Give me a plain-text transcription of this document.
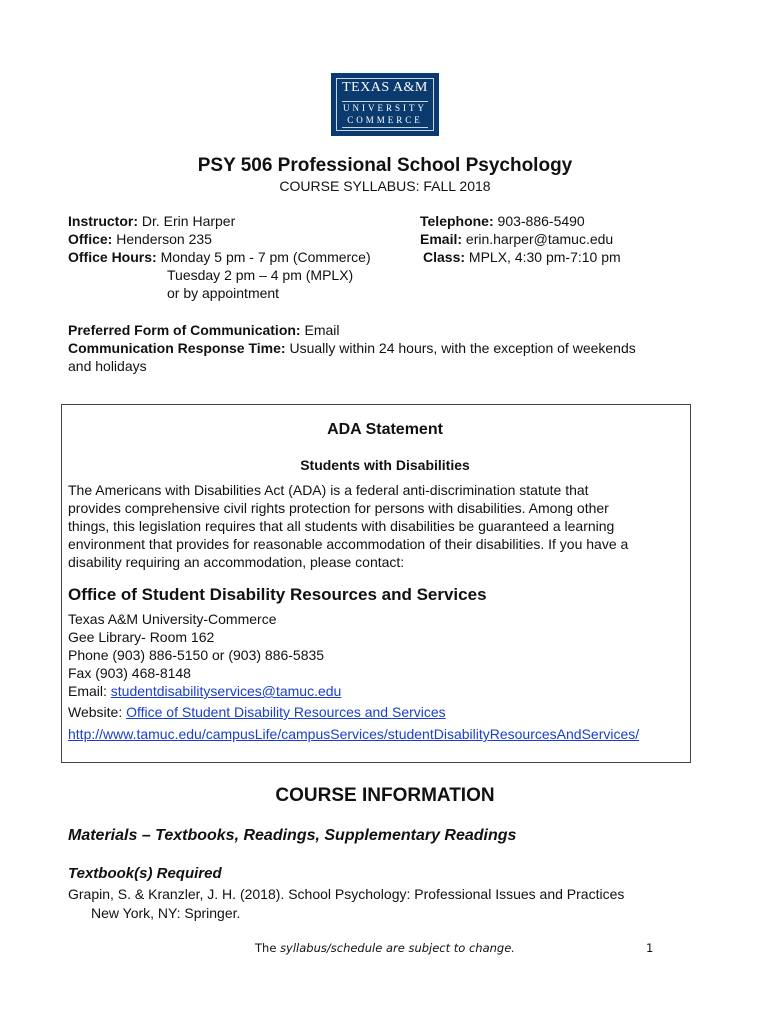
TEXAS A&M
UNIVERSITY
COMMERCE
PSY 506 Professional School Psychology
COURSE SYLLABUS: FALL 2018
Instructor: Dr. Erin Harper
Office: Henderson 235
Office Hours: Monday 5 pm - 7 pm (Commerce)
Tuesday 2 pm – 4 pm (MPLX)
or by appointment
Telephone: 903-886-5490
Email: erin.harper@tamuc.edu
Class: MPLX, 4:30 pm-7:10 pm
Preferred Form of Communication: Email
Communication Response Time: Usually within 24 hours, with the exception of weekends
and holidays
ADA Statement
Students with Disabilities
The Americans with Disabilities Act (ADA) is a federal anti-discrimination statute that
provides comprehensive civil rights protection for persons with disabilities. Among other
things, this legislation requires that all students with disabilities be guaranteed a learning
environment that provides for reasonable accommodation of their disabilities. If you have a
disability requiring an accommodation, please contact:
Office of Student Disability Resources and Services
Texas A&M University-Commerce
Gee Library- Room 162
Phone (903) 886-5150 or (903) 886-5835
Fax (903) 468-8148
Email: studentdisabilityservices@tamuc.edu
Website: Office of Student Disability Resources and Services
http://www.tamuc.edu/campusLife/campusServices/studentDisabilityResourcesAndServices/
COURSE INFORMATION
Materials – Textbooks, Readings, Supplementary Readings
Textbook(s) Required
Grapin, S. & Kranzler, J. H. (2018). School Psychology: Professional Issues and Practices
New York, NY: Springer.
The syllabus/schedule are subject to change.	1
